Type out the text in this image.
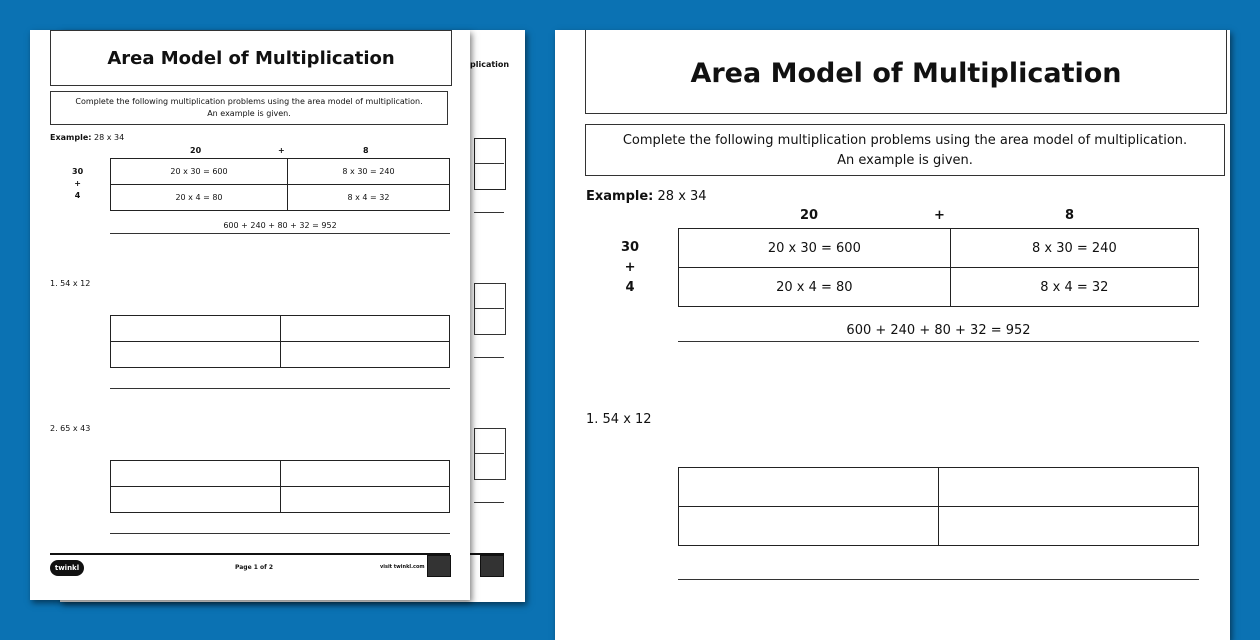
plication
Area Model of Multiplication
Complete the following multiplication problems using the area model of multiplication.
An example is given.
Example: 28 x 34
20	+	8
30
+
4
20 x 30 = 600	8 x 30 = 240
20 x 4 = 80	8 x 4 = 32
600 + 240 + 80 + 32 = 952
1. 54 x 12

2. 65 x 43

twinkl	Page 1 of 2	visit twinkl.com
Area Model of Multiplication
Complete the following multiplication problems using the area model of multiplication.
An example is given.
Example: 28 x 34
20	+	8
30
+
4
20 x 30 = 600	8 x 30 = 240
20 x 4 = 80	8 x 4 = 32
600 + 240 + 80 + 32 = 952
1. 54 x 12
